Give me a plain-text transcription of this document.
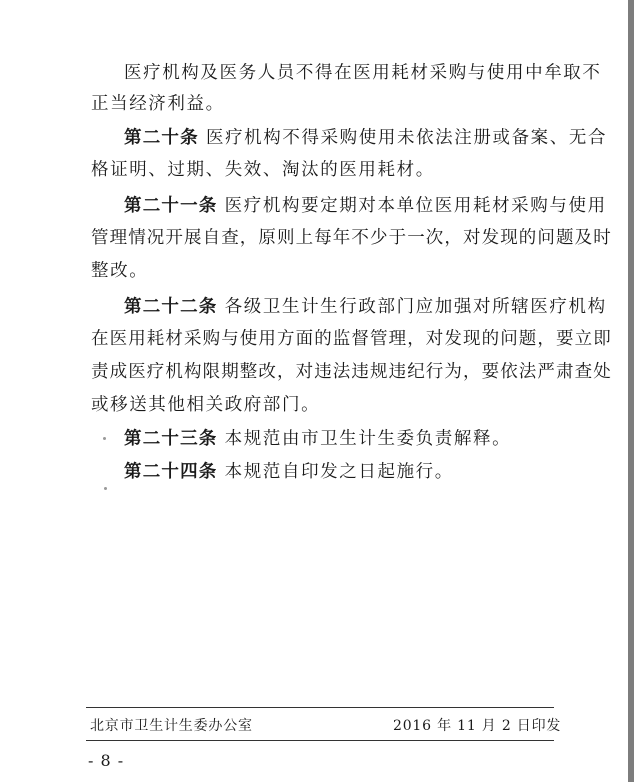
医疗机构及医务人员不得在医用耗材采购与使用中牟取不
正当经济利益。
第二十条 医疗机构不得采购使用未依法注册或备案、无合
格证明、过期、失效、淘汰的医用耗材。
第二十一条 医疗机构要定期对本单位医用耗材采购与使用
管理情况开展自查，原则上每年不少于一次，对发现的问题及时
整改。
第二十二条 各级卫生计生行政部门应加强对所辖医疗机构
在医用耗材采购与使用方面的监督管理，对发现的问题，要立即
责成医疗机构限期整改，对违法违规违纪行为，要依法严肃查处
或移送其他相关政府部门。
第二十三条 本规范由市卫生计生委负责解释。
第二十四条 本规范自印发之日起施行。
北京市卫生计生委办公室	2016 年 11 月 2 日印发
- 8 -
